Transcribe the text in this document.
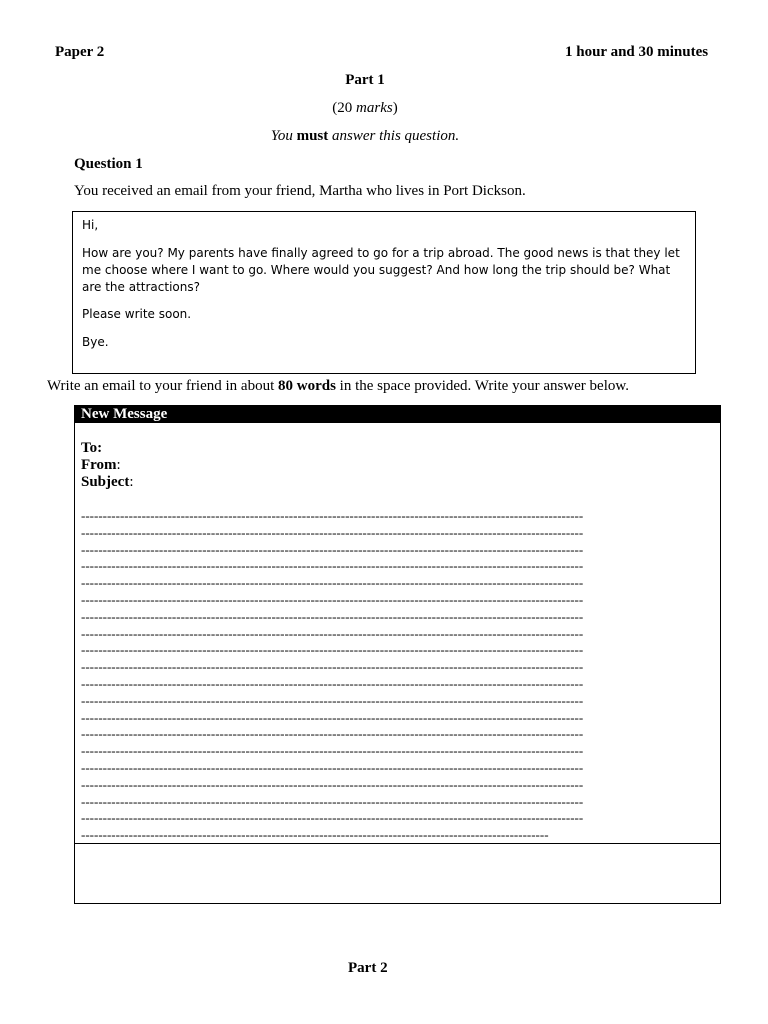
Paper 2	1 hour and 30 minutes
Part 1
(20 marks)
You must answer this question.
Question 1
You received an email from your friend, Martha who lives in Port Dickson.

Hi,

How are you? My parents have finally agreed to go for a trip abroad. The good news is that they let me choose where I want to go. Where would you suggest? And how long the trip should be? What are the attractions?

Please write soon.

Bye.

Write an email to your friend in about 80 words in the space provided. Write your answer below.
New Message
To:
From:
Subject:
--------------------------------------------------------------------------------------------------------------------
--------------------------------------------------------------------------------------------------------------------
--------------------------------------------------------------------------------------------------------------------
--------------------------------------------------------------------------------------------------------------------
--------------------------------------------------------------------------------------------------------------------
--------------------------------------------------------------------------------------------------------------------
--------------------------------------------------------------------------------------------------------------------
--------------------------------------------------------------------------------------------------------------------
--------------------------------------------------------------------------------------------------------------------
--------------------------------------------------------------------------------------------------------------------
--------------------------------------------------------------------------------------------------------------------
--------------------------------------------------------------------------------------------------------------------
--------------------------------------------------------------------------------------------------------------------
--------------------------------------------------------------------------------------------------------------------
--------------------------------------------------------------------------------------------------------------------
--------------------------------------------------------------------------------------------------------------------
--------------------------------------------------------------------------------------------------------------------
--------------------------------------------------------------------------------------------------------------------
--------------------------------------------------------------------------------------------------------------------
------------------------------------------------------------------------------------------------------------
Part 2
